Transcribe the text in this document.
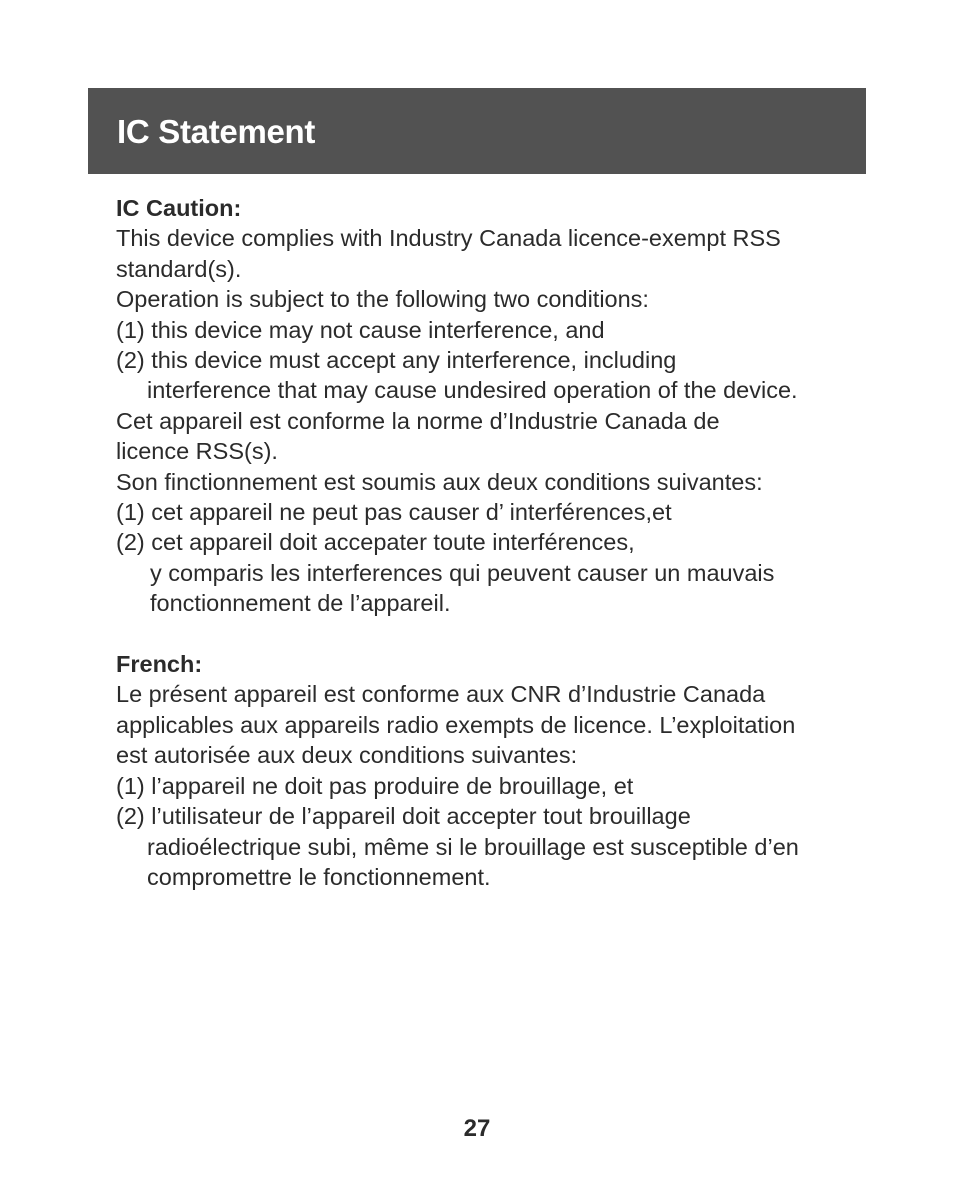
IC Statement
IC Caution:
This device complies with Industry Canada licence-exempt RSS
standard(s).
Operation is subject to the following two conditions:
(1) this device may not cause interference, and
(2) this device must accept any interference, including
interference that may cause undesired operation of the device.
Cet appareil est conforme la norme d’Industrie Canada de
licence RSS(s).
Son finctionnement est soumis aux deux conditions suivantes:
(1) cet appareil ne peut pas causer d’ interférences,et
(2) cet appareil doit accepater toute interférences,
y comparis les interferences qui peuvent causer un mauvais
fonctionnement de l’appareil.
French:
Le présent appareil est conforme aux CNR d’Industrie Canada
applicables aux appareils radio exempts de licence. L’exploitation
est autorisée aux deux conditions suivantes:
(1) l’appareil ne doit pas produire de brouillage, et
(2) l’utilisateur de l’appareil doit accepter tout brouillage
radioélectrique subi, même si le brouillage est susceptible d’en
compromettre le fonctionnement.
27
